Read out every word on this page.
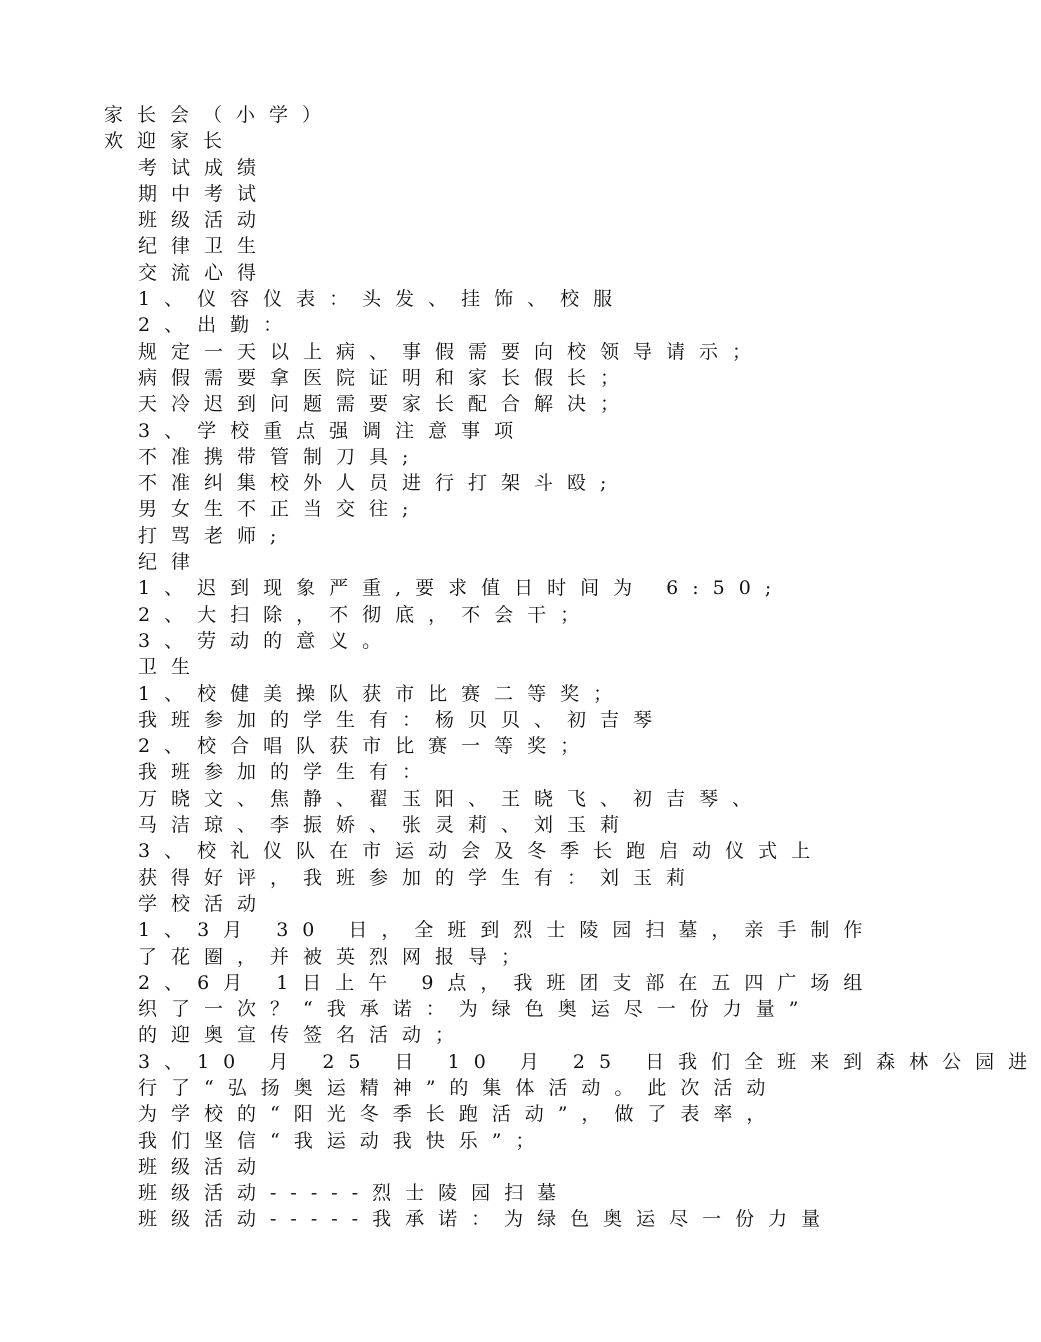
家长会（小学）
欢迎家长
考试成绩
期中考试
班级活动
纪律卫生
交流心得
1、仪容仪表：头发、挂饰、校服
2、出勤：
规定一天以上病、事假需要向校领导请示；
病假需要拿医院证明和家长假长；
天冷迟到问题需要家长配合解决；
3、学校重点强调注意事项
不准携带管制刀具;
不准纠集校外人员进行打架斗殴;
男女生不正当交往;
打骂老师;
纪律
1、迟到现象严重,要求值日时间为 6:50;
2、大扫除，不彻底，不会干；
3、劳动的意义。
卫生
1、校健美操队获市比赛二等奖；
我班参加的学生有：杨贝贝、初吉琴
2、校合唱队获市比赛一等奖；
我班参加的学生有：
万晓文、焦静、翟玉阳、王晓飞、初吉琴、
马洁琼、李振娇、张灵莉、刘玉莉
3、校礼仪队在市运动会及冬季长跑启动仪式上
获得好评，我班参加的学生有：刘玉莉
学校活动
1、3月 30 日，全班到烈士陵园扫墓，亲手制作
了花圈，并被英烈网报导；
2、6月 1日上午 9点，我班团支部在五四广场组
织了一次？“我承诺：为绿色奥运尽一份力量”
的迎奥宣传签名活动；
3、10 月 25 日 10 月 25 日我们全班来到森林公园进
行了“弘扬奥运精神”的集体活动。此次活动
为学校的“阳光冬季长跑活动”，做了表率，
我们坚信“我运动我快乐”；
班级活动
班级活动-----烈士陵园扫墓
班级活动-----我承诺：为绿色奥运尽一份力量
